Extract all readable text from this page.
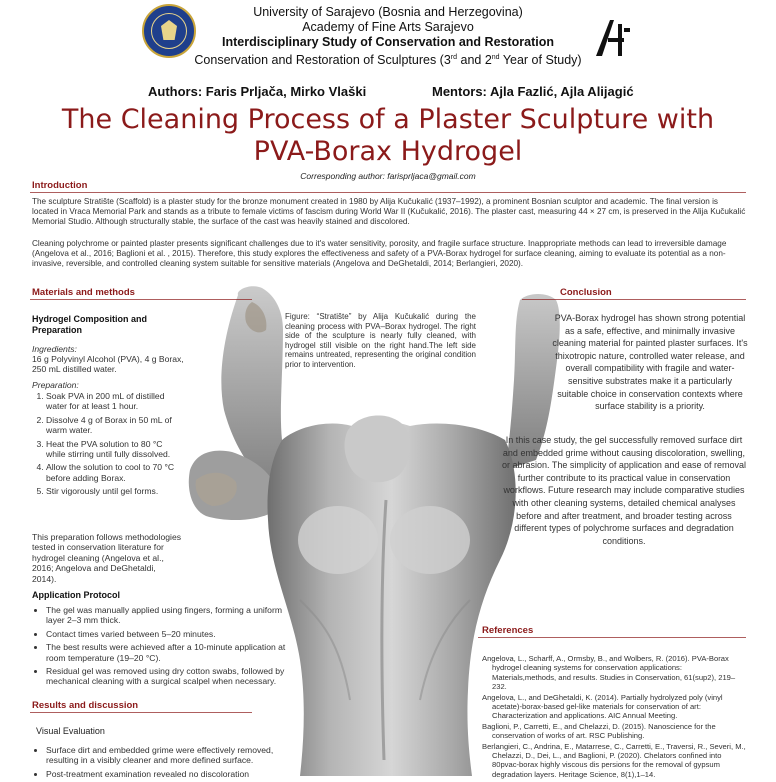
University of Sarajevo (Bosnia and Herzegovina)
Academy of Fine Arts Sarajevo
Interdisciplinary Study of Conservation and Restoration
Conservation and Restoration of Sculptures (3rd and 2nd Year of Study)
Authors: Faris Prljača, Mirko Vlaški	Mentors: Ajla Fazlić, Ajla Alijagić
The Cleaning Process of a Plaster Sculpture with
PVA-Borax Hydrogel
Corresponding author: farisprljaca@gmail.com
Introduction
The sculpture Stratište (Scaffold) is a plaster study for the bronze monument created in 1980 by Alija Kučukalić (1937–1992), a prominent Bosnian sculptor and academic. The final version is located in Vraca Memorial Park and stands as a tribute to female victims of fascism during World War II (Kučukalić, 2016). The plaster cast, measuring 44 × 27 cm, is preserved in the Alija Kučukalić Memorial Studio. Although structurally stable, the surface of the cast was heavily stained and discolored.
Cleaning polychrome or painted plaster presents significant challenges due to it's water sensitivity, porosity, and fragile surface structure. Inappropriate methods can lead to irreversible damage (Angelova et al., 2016; Baglioni et al. , 2015). Therefore, this study explores the effectiveness and safety of a PVA-Borax hydrogel for surface cleaning, aiming to evaluate its potential as a non-invasive, reversible, and controlled cleaning system suitable for sensitive materials (Angelova and DeGhetaldi, 2014; Berlangieri, 2020).
Materials and methods
Hydrogel Composition and Preparation
Ingredients:
16 g Polyvinyl Alcohol (PVA), 4 g Borax, 250 mL distilled water.
Preparation:
1. Soak PVA in 200 mL of distilled water for at least 1 hour.
2. Dissolve 4 g of Borax in 50 mL of warm water.
3. Heat the PVA solution to 80 °C while stirring until fully dissolved.
4. Allow the solution to cool to 70 °C before adding Borax.
5. Stir vigorously until gel forms.
This preparation follows methodologies tested in conservation literature for hydrogel cleaning (Angelova et al., 2016; Angelova and DeGhetaldi, 2014).
Application Protocol
• The gel was manually applied using fingers, forming a uniform layer 2–3 mm thick.
• Contact times varied between 5–20 minutes.
• The best results were achieved after a 10-minute application at room temperature (19–20 °C).
• Residual gel was removed using dry cotton swabs, followed by mechanical cleaning with a surgical scalpel when necessary.
Results and discussion
Visual Evaluation
• Surface dirt and embedded grime were effectively removed, resulting in a visibly cleaner and more defined surface.
• Post-treatment examination revealed no discoloration
Figure: “Stratište” by Alija Kučukalić during the cleaning process with PVA–Borax hydrogel. The right side of the sculpture is nearly fully cleaned, with hydrogel still visible on the right hand.The left side remains untreated, representing the original condition prior to intervention.
Conclusion
PVA-Borax hydrogel has shown strong potential as a safe, effective, and minimally invasive cleaning material for painted plaster surfaces. It's thixotropic nature, controlled water release, and overall compatibility with fragile and water-sensitive substrates make it a particularly suitable choice in conservation contexts where surface stability is a priority.
In this case study, the gel successfully removed surface dirt and embedded grime without causing discoloration, swelling, or abrasion. The simplicity of application and ease of removal further contribute to its practical value in conservation workflows. Future research may include comparative studies with other cleaning systems, detailed chemical analyses before and after treatment, and broader testing across different types of polychrome surfaces and degradation conditions.
References

Angelova, L., Scharff, A., Ormsby, B., and Wolbers, R. (2016). PVA-Borax hydrogel cleaning systems for conservation applications: Materials,methods, and results. Studies in Conservation, 61(sup2), 219–232.

Angelova, L., and DeGhetaldi, K. (2014). Partially hydrolyzed poly (vinyl acetate)-borax-based gel-like materials for conservation of art: Characterization and applications. AIC Annual Meeting.

Baglioni, P., Carretti, E., and Chelazzi, D. (2015). Nanoscience for the conservation of works of art. RSC Publishing.

Berlangieri, C., Andrina, E., Matarrese, C., Carretti, E., Traversi, R., Severi, M., Chelazzi, D., Dei, L., and Baglioni, P. (2020). Chelators confined into 80pvac-borax highly viscous dis persions for the removal of gypsum degradation layers. Heritage Science, 8(1),1–14.
